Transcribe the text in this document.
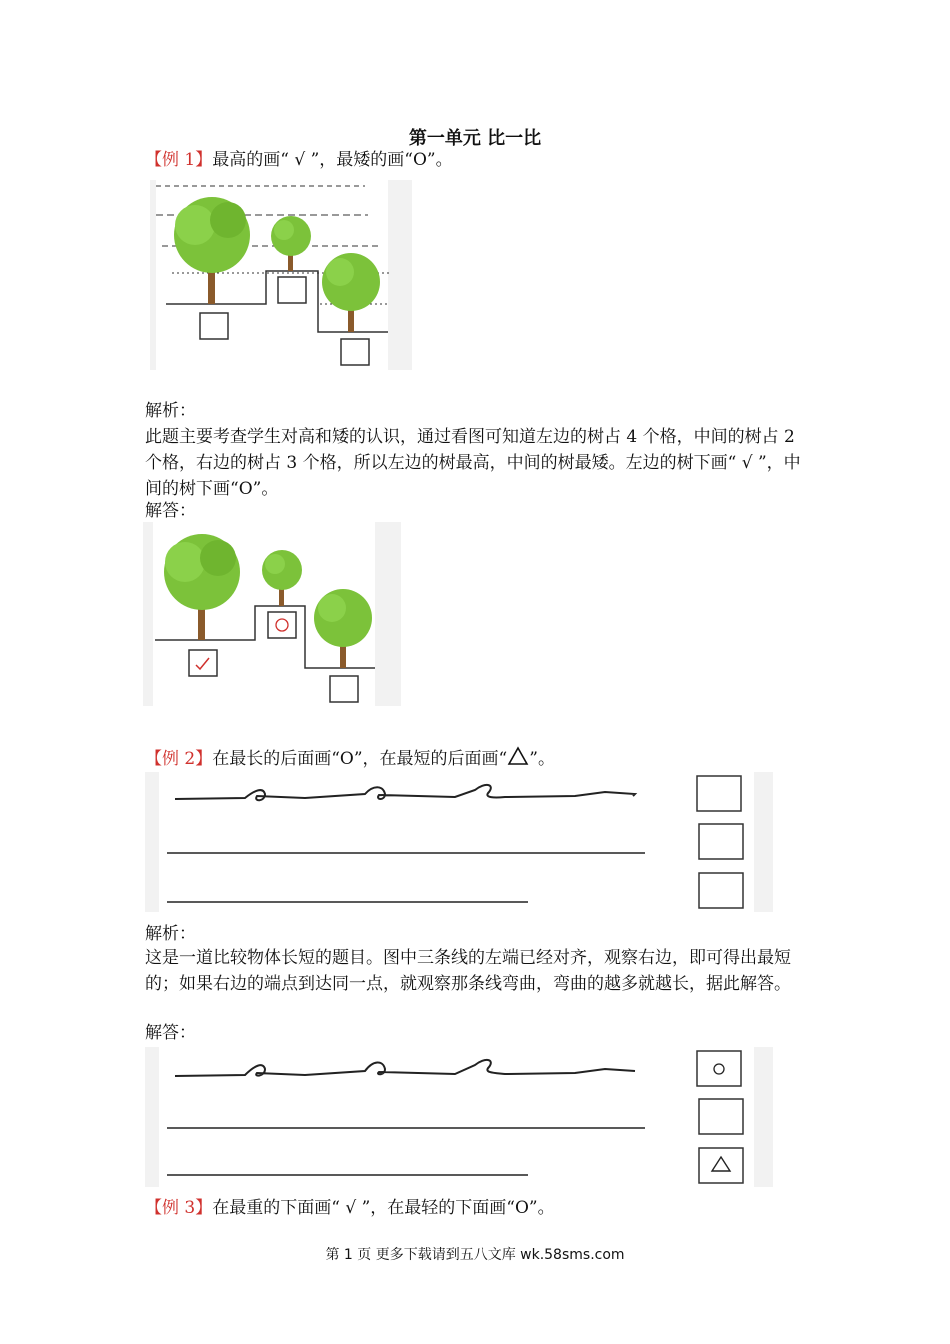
第一单元 比一比
【例 1】最高的画“ √ ”，最矮的画“O”。
解析：
此题主要考查学生对高和矮的认识，通过看图可知道左边的树占 4 个格，中间的树占 2 个格，右边的树占 3 个格，所以左边的树最高，中间的树最矮。左边的树下画“ √ ”，中间的树下画“O”。
解答：
【例 2】在最长的后面画“O”，在最短的后面画“ ”。
解析：
这是一道比较物体长短的题目。图中三条线的左端已经对齐，观察右边，即可得出最短的；如果右边的端点到达同一点，就观察那条线弯曲，弯曲的越多就越长，据此解答。
解答：
【例 3】在最重的下面画“ √ ”，在最轻的下面画“O”。
第 1 页 更多下载请到五八文库 wk.58sms.com
